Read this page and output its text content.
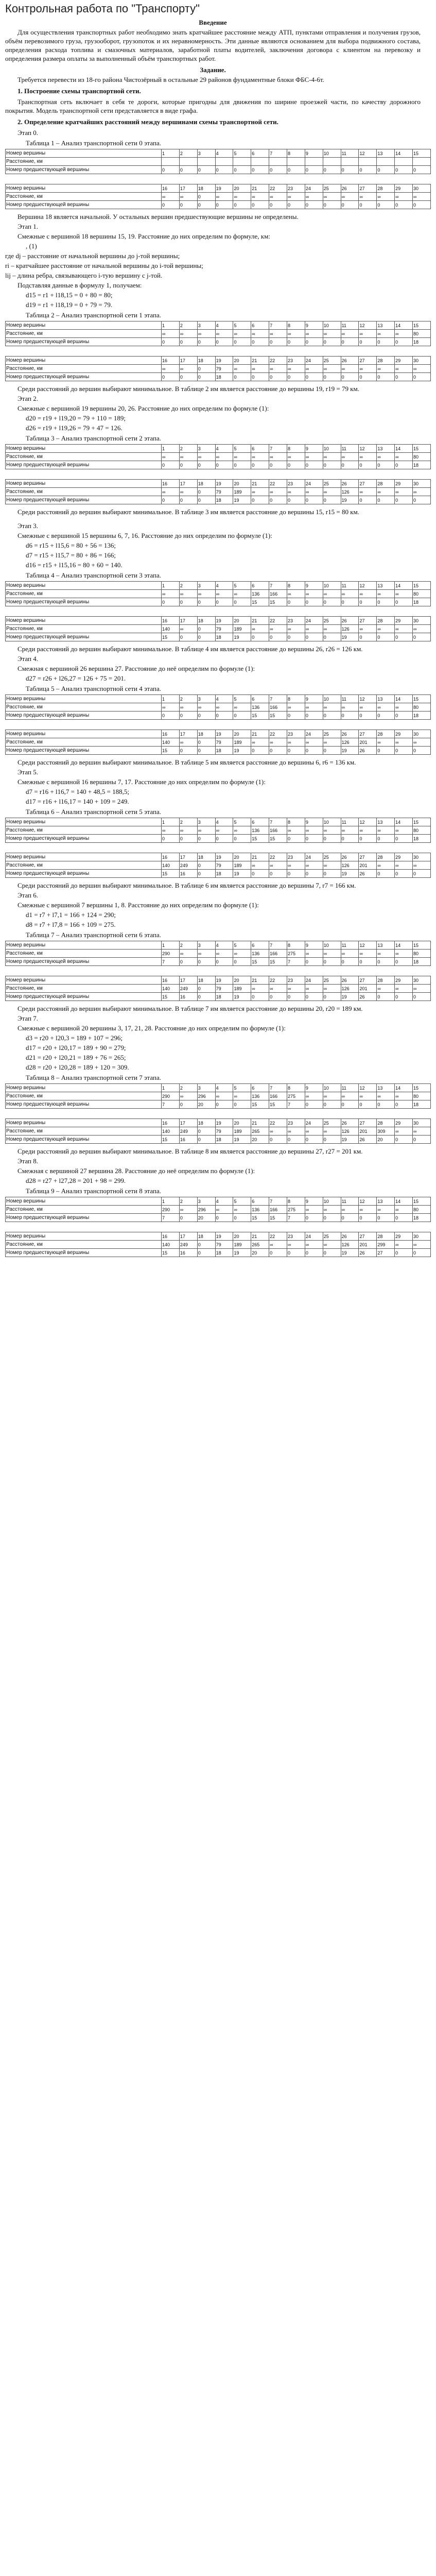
Контрольная работа по "Транспорту"
Введение

Для осуществления транспортных работ необходимо знать кратчайшее расстояние между АТП, пунктами отправления и получения грузов, объём перевозимого груза, грузооборот, грузопоток и их неравномерность. Эти данные являются основанием для выбора подвижного состава, определения расхода топлива и смазочных материалов, заработной платы водителей, заключения договора с клиентом на перевозку и определения размера оплаты за выполненный объём транспортных работ.

Задание.

Требуется перевести из 18-го района Чистозёрный в остальные 29 районов фундаментные блоки ФБС-4-6т.

1. Построение схемы транспортной сети.

Транспортная сеть включает в себя те дороги, которые пригодны для движения по ширине проезжей части, по качеству дорожного покрытия. Модель транспортной сети представляется в виде графа.

2. Определение кратчайших расстояний между вершинами схемы транспортной сети.

Этап 0.

Таблица 1 – Анализ транспортной сети 0 этапа.
Номер вершины	1	2	3	4	5	6	7	8	9	10	11	12	13	14	15
Расстояние, км															
Номер предшествующей вершины	0	0	0	0	0	0	0	0	0	0	0	0	0	0	0
Номер вершины	16	17	18	19	20	21	22	23	24	25	26	27	28	29	30
Расстояние, км	∞	∞	0	∞	∞	∞	∞	∞	∞	∞	∞	∞	∞	∞	∞
Номер предшествующей вершины	0	0	0	0	0	0	0	0	0	0	0	0	0	0	0

Вершина 18 является начальной. У остальных вершин предшествующие вершины не определены.

Этап 1.

Смежные с вершиной 18 вершины 15, 19. Расстояние до них определим по формуле, км:

, (1)

где dj – расстояние от начальной вершины до j-той вершины;

ri – кратчайшее расстояние от начальной вершины до i-той вершины;

lij – длина ребра, связывающего i-тую вершину с j-той.

Подставляя данные в формулу 1, получаем:

d15 = r1 + l18,15 = 0 + 80 = 80;
d19 = r1 + l18,19 = 0 + 79 = 79.
Таблица 2 – Анализ транспортной сети 1 этапа.
Номер вершины	1	2	3	4	5	6	7	8	9	10	11	12	13	14	15
Расстояние, км	∞	∞	∞	∞	∞	∞	∞	∞	∞	∞	∞	∞	∞	∞	80
Номер предшествующей вершины	0	0	0	0	0	0	0	0	0	0	0	0	0	0	18
Номер вершины	16	17	18	19	20	21	22	23	24	25	26	27	28	29	30
Расстояние, км	∞	∞	0	79	∞	∞	∞	∞	∞	∞	∞	∞	∞	∞	∞
Номер предшествующей вершины	0	0	0	18	0	0	0	0	0	0	0	0	0	0	0

Среди расстояний до вершин выбирают минимальное. В таблице 2 им является расстояние до вершины 19, r19 = 79 км.

Этап 2.

Смежные с вершиной 19 вершины 20, 26. Расстояние до них определим по формуле (1):

d20 = r19 + l19,20 = 79 + 110 = 189;
d26 = r19 + l19,26 = 79 + 47 = 126.
Таблица 3 – Анализ транспортной сети 2 этапа.
Номер вершины	1	2	3	4	5	6	7	8	9	10	11	12	13	14	15
Расстояние, км	∞	∞	∞	∞	∞	∞	∞	∞	∞	∞	∞	∞	∞	∞	80
Номер предшествующей вершины	0	0	0	0	0	0	0	0	0	0	0	0	0	0	18
Номер вершины	16	17	18	19	20	21	22	23	24	25	26	27	28	29	30
Расстояние, км	∞	∞	0	79	189	∞	∞	∞	∞	∞	126	∞	∞	∞	∞
Номер предшествующей вершины	0	0	0	18	19	0	0	0	0	0	19	0	0	0	0

Среди расстояний до вершин выбирают минимальное. В таблице 3 им является расстояние до вершины 15, r15 = 80 км.

Этап 3.

Смежные с вершиной 15 вершины 6, 7, 16. Расстояние до них определим по формуле (1):

d6 = r15 + l15,6 = 80 + 56 = 136;
d7 = r15 + l15,7 = 80 + 86 = 166;
d16 = r15 + l15,16 = 80 + 60 = 140.
Таблица 4 – Анализ транспортной сети 3 этапа.
Номер вершины	1	2	3	4	5	6	7	8	9	10	11	12	13	14	15
Расстояние, км	∞	∞	∞	∞	∞	136	166	∞	∞	∞	∞	∞	∞	∞	80
Номер предшествующей вершины	0	0	0	0	0	15	15	0	0	0	0	0	0	0	18
Номер вершины	16	17	18	19	20	21	22	23	24	25	26	27	28	29	30
Расстояние, км	140	∞	0	79	189	∞	∞	∞	∞	∞	126	∞	∞	∞	∞
Номер предшествующей вершины	15	0	0	18	19	0	0	0	0	0	19	0	0	0	0

Среди расстояний до вершин выбирают минимальное. В таблице 4 им является расстояние до вершины 26, r26 = 126 км.

Этап 4.

Смежная с вершиной 26 вершина 27. Расстояние до неё определим по формуле (1):

d27 = r26 + l26,27 = 126 + 75 = 201.
Таблица 5 – Анализ транспортной сети 4 этапа.
Номер вершины	1	2	3	4	5	6	7	8	9	10	11	12	13	14	15
Расстояние, км	∞	∞	∞	∞	∞	136	166	∞	∞	∞	∞	∞	∞	∞	80
Номер предшествующей вершины	0	0	0	0	0	15	15	0	0	0	0	0	0	0	18
Номер вершины	16	17	18	19	20	21	22	23	24	25	26	27	28	29	30
Расстояние, км	140	∞	0	79	189	∞	∞	∞	∞	∞	126	201	∞	∞	∞
Номер предшествующей вершины	15	0	0	18	19	0	0	0	0	0	19	26	0	0	0

Среди расстояний до вершин выбирают минимальное. В таблице 5 им является расстояние до вершины 6, r6 = 136 км.

Этап 5.

Смежные с вершиной 16 вершины 7, 17. Расстояние до них определим по формуле (1):

d7 = r16 + l16,7 = 140 + 48,5 = 188,5;
d17 = r16 + l16,17 = 140 + 109 = 249.
Таблица 6 – Анализ транспортной сети 5 этапа.
Номер вершины	1	2	3	4	5	6	7	8	9	10	11	12	13	14	15
Расстояние, км	∞	∞	∞	∞	∞	136	166	∞	∞	∞	∞	∞	∞	∞	80
Номер предшествующей вершины	0	0	0	0	0	15	15	0	0	0	0	0	0	0	18
Номер вершины	16	17	18	19	20	21	22	23	24	25	26	27	28	29	30
Расстояние, км	140	249	0	79	189	∞	∞	∞	∞	∞	126	201	∞	∞	∞
Номер предшествующей вершины	15	16	0	18	19	0	0	0	0	0	19	26	0	0	0

Среди расстояний до вершин выбирают минимальное. В таблице 6 им является расстояние до вершины 7, r7 = 166 км.

Этап 6.

Смежные с вершиной 7 вершины 1, 8. Расстояние до них определим по формуле (1):

d1 = r7 + l7,1 = 166 + 124 = 290;
d8 = r7 + l7,8 = 166 + 109 = 275.
Таблица 7 – Анализ транспортной сети 6 этапа.
Номер вершины	1	2	3	4	5	6	7	8	9	10	11	12	13	14	15
Расстояние, км	290	∞	∞	∞	∞	136	166	275	∞	∞	∞	∞	∞	∞	80
Номер предшествующей вершины	7	0	0	0	0	15	15	7	0	0	0	0	0	0	18
Номер вершины	16	17	18	19	20	21	22	23	24	25	26	27	28	29	30
Расстояние, км	140	249	0	79	189	∞	∞	∞	∞	∞	126	201	∞	∞	∞
Номер предшествующей вершины	15	16	0	18	19	0	0	0	0	0	19	26	0	0	0

Среди расстояний до вершин выбирают минимальное. В таблице 7 им является расстояние до вершины 20, r20 = 189 км.

Этап 7.

Смежные с вершиной 20 вершины 3, 17, 21, 28. Расстояние до них определим по формуле (1):

d3 = r20 + l20,3 = 189 + 107 = 296;
d17 = r20 + l20,17 = 189 + 90 = 279;
d21 = r20 + l20,21 = 189 + 76 = 265;
d28 = r20 + l20,28 = 189 + 120 = 309.
Таблица 8 – Анализ транспортной сети 7 этапа.
Номер вершины	1	2	3	4	5	6	7	8	9	10	11	12	13	14	15
Расстояние, км	290	∞	296	∞	∞	136	166	275	∞	∞	∞	∞	∞	∞	80
Номер предшествующей вершины	7	0	20	0	0	15	15	7	0	0	0	0	0	0	18
Номер вершины	16	17	18	19	20	21	22	23	24	25	26	27	28	29	30
Расстояние, км	140	249	0	79	189	265	∞	∞	∞	∞	126	201	309	∞	∞
Номер предшествующей вершины	15	16	0	18	19	20	0	0	0	0	19	26	20	0	0

Среди расстояний до вершин выбирают минимальное. В таблице 8 им является расстояние до вершины 27, r27 = 201 км.

Этап 8.

Смежная с вершиной 27 вершина 28. Расстояние до неё определим по формуле (1):

d28 = r27 + l27,28 = 201 + 98 = 299.
Таблица 9 – Анализ транспортной сети 8 этапа.
Номер вершины	1	2	3	4	5	6	7	8	9	10	11	12	13	14	15
Расстояние, км	290	∞	296	∞	∞	136	166	275	∞	∞	∞	∞	∞	∞	80
Номер предшествующей вершины	7	0	20	0	0	15	15	7	0	0	0	0	0	0	18
Номер вершины	16	17	18	19	20	21	22	23	24	25	26	27	28	29	30
Расстояние, км	140	249	0	79	189	265	∞	∞	∞	∞	126	201	299	∞	∞
Номер предшествующей вершины	15	16	0	18	19	20	0	0	0	0	19	26	27	0	0
